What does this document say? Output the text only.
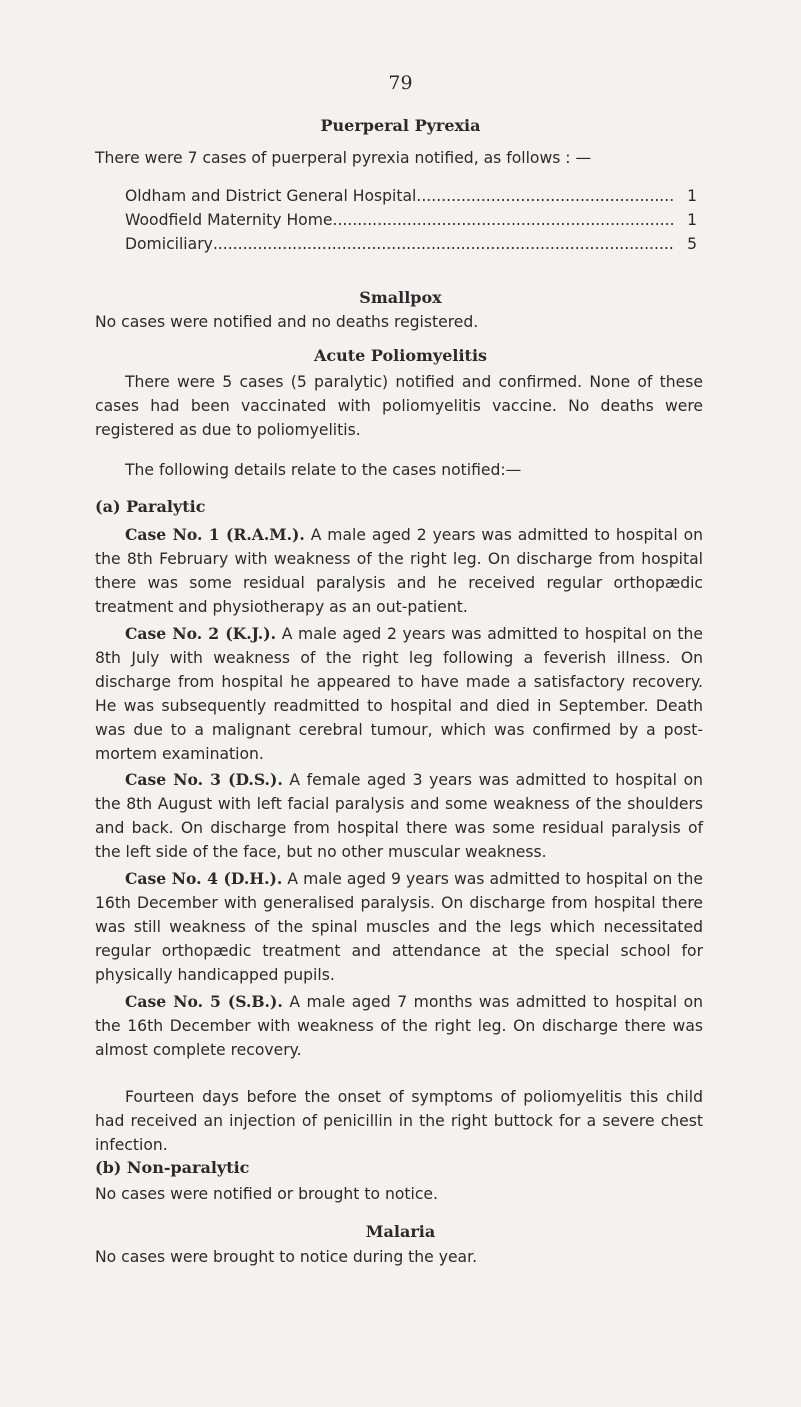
79
Puerperal Pyrexia

There were 7 cases of puerperal pyrexia notified, as follows : —

Oldham and District General Hospital .....	1
Woodfield Maternity Home .....	1
Domiciliary .....	5
Smallpox

No cases were notified and no deaths registered.

Acute Poliomyelitis

There were 5 cases (5 paralytic) notified and confirmed. None of these cases had been vaccinated with poliomyelitis vaccine. No deaths were registered as due to poliomyelitis.

The following details relate to the cases notified:—

(a) Paralytic

Case No. 1 (R.A.M.). A male aged 2 years was admitted to hospital on the 8th February with weakness of the right leg. On discharge from hospital there was some residual paralysis and he received regular orthopædic treatment and physiotherapy as an out-patient.

Case No. 2 (K.J.). A male aged 2 years was admitted to hospital on the 8th July with weakness of the right leg following a feverish illness. On discharge from hospital he appeared to have made a satisfactory recovery. He was subsequently readmitted to hospital and died in September. Death was due to a malignant cerebral tumour, which was confirmed by a post-mortem examination.

Case No. 3 (D.S.). A female aged 3 years was admitted to hospital on the 8th August with left facial paralysis and some weakness of the shoulders and back. On discharge from hospital there was some residual paralysis of the left side of the face, but no other muscular weakness.

Case No. 4 (D.H.). A male aged 9 years was admitted to hospital on the 16th December with generalised paralysis. On discharge from hospital there was still weakness of the spinal muscles and the legs which necessitated regular orthopædic treatment and attendance at the special school for physically handicapped pupils.

Case No. 5 (S.B.). A male aged 7 months was admitted to hospital on the 16th December with weakness of the right leg. On discharge there was almost complete recovery.

Fourteen days before the onset of symptoms of poliomyelitis this child had received an injection of penicillin in the right buttock for a severe chest infection.

(b) Non-paralytic

No cases were notified or brought to notice.

Malaria

No cases were brought to notice during the year.
